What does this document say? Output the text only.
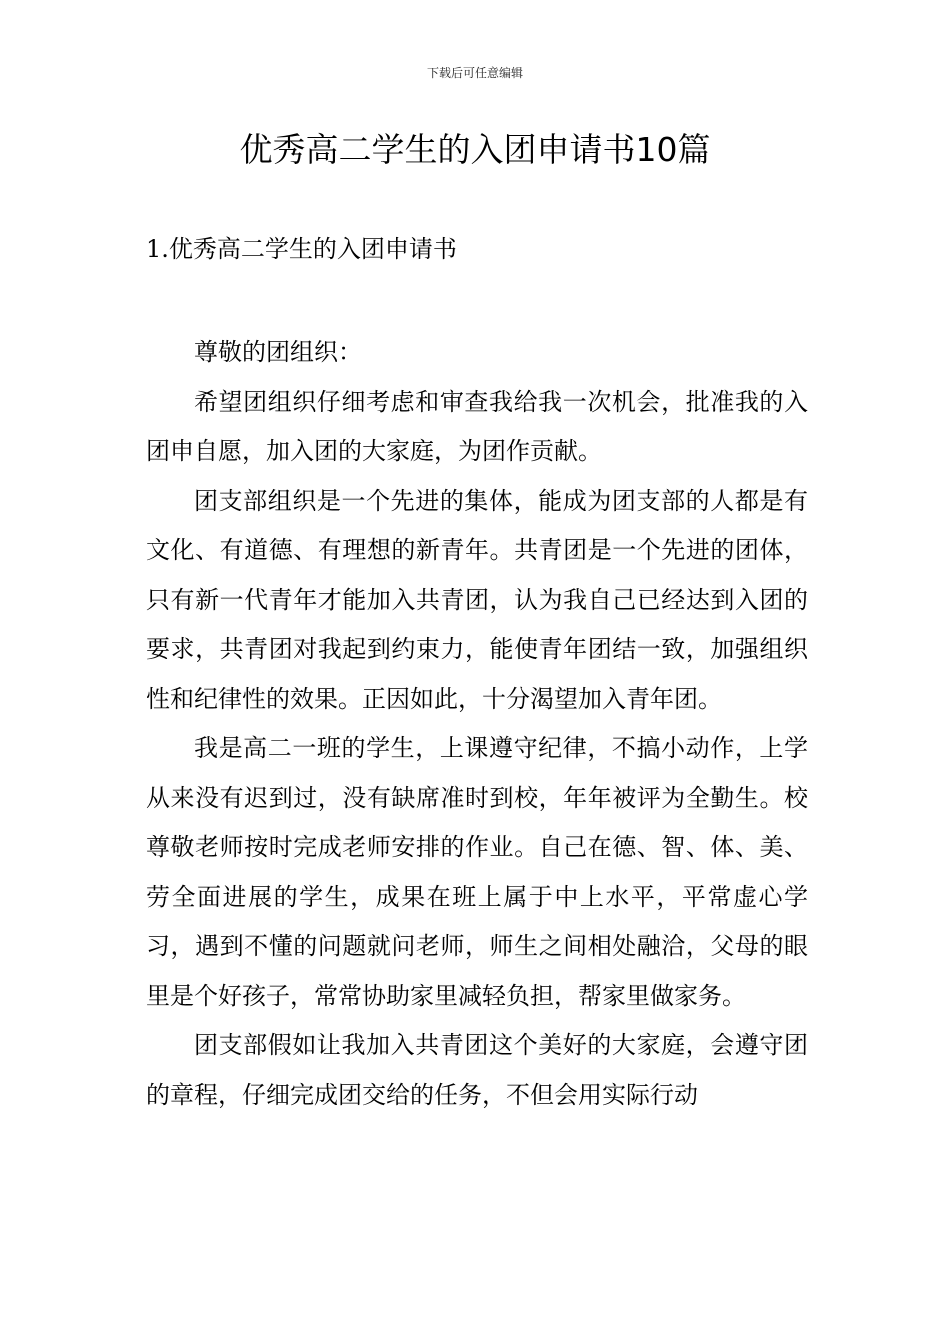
下载后可任意编辑
优秀高二学生的入团申请书10篇
1.优秀高二学生的入团申请书

尊敬的团组织：

希望团组织仔细考虑和审查我给我一次机会，批准我的入团申自愿，加入团的大家庭，为团作贡献。

团支部组织是一个先进的集体，能成为团支部的人都是有文化、有道德、有理想的新青年。共青团是一个先进的团体，只有新一代青年才能加入共青团，认为我自己已经达到入团的要求，共青团对我起到约束力，能使青年团结一致，加强组织性和纪律性的效果。正因如此，十分渴望加入青年团。

我是高二一班的学生，上课遵守纪律，不搞小动作，上学从来没有迟到过，没有缺席准时到校，年年被评为全勤生。校尊敬老师按时完成老师安排的作业。自己在德、智、体、美、劳全面进展的学生，成果在班上属于中上水平，平常虚心学习，遇到不懂的问题就问老师，师生之间相处融洽，父母的眼里是个好孩子，常常协助家里减轻负担，帮家里做家务。

团支部假如让我加入共青团这个美好的大家庭，会遵守团的章程，仔细完成团交给的任务，不但会用实际行动
